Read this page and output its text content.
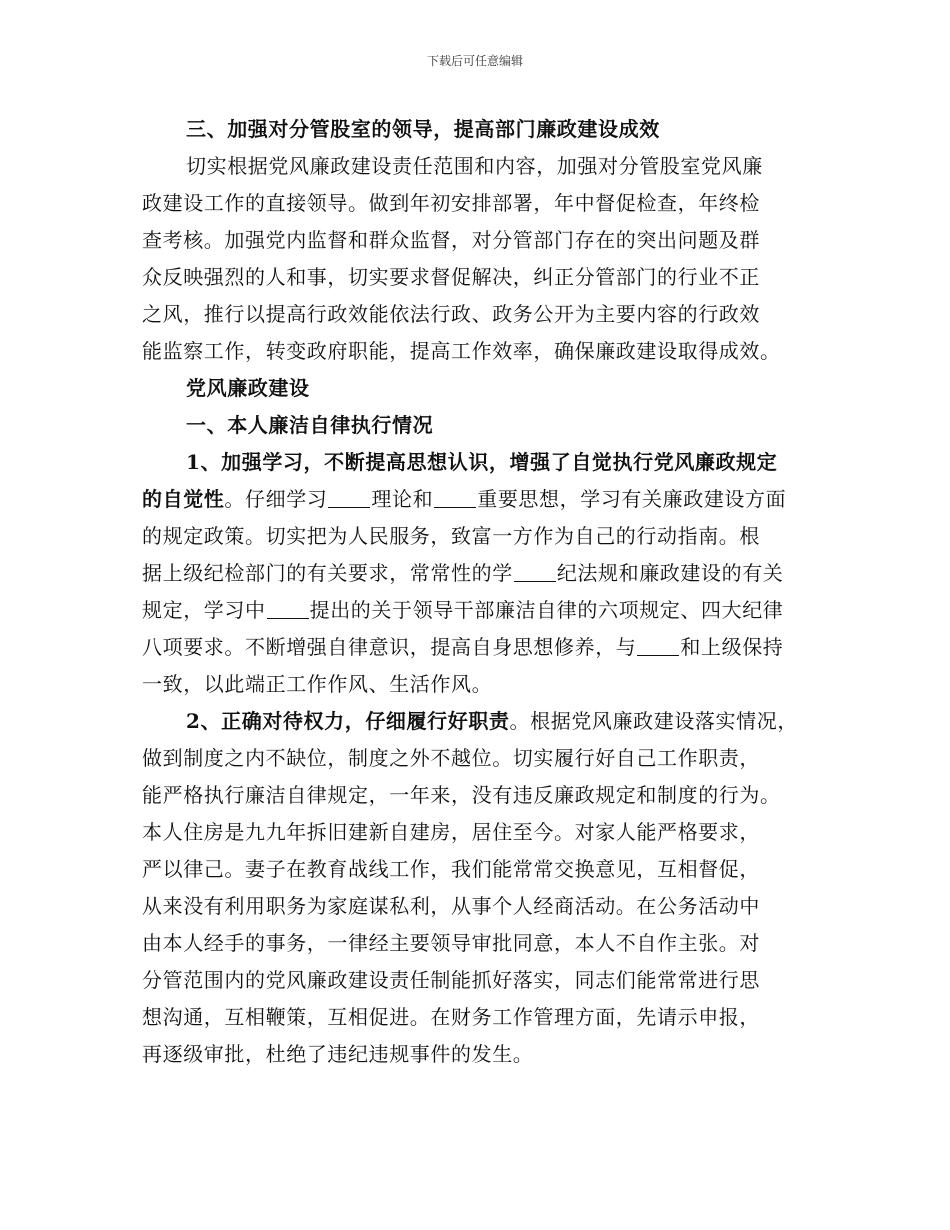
下载后可任意编辑
三、加强对分管股室的领导，提高部门廉政建设成效
切实根据党风廉政建设责任范围和内容，加强对分管股室党风廉
政建设工作的直接领导。做到年初安排部署，年中督促检查，年终检
查考核。加强党内监督和群众监督，对分管部门存在的突出问题及群
众反映强烈的人和事，切实要求督促解决，纠正分管部门的行业不正
之风，推行以提高行政效能依法行政、政务公开为主要内容的行政效
能监察工作，转变政府职能，提高工作效率，确保廉政建设取得成效。
党风廉政建设
一、本人廉洁自律执行情况
1、加强学习，不断提高思想认识，增强了自觉执行党风廉政规定
的自觉性。仔细学习 理论和 重要思想，学习有关廉政建设方面
的规定政策。切实把为人民服务，致富一方作为自己的行动指南。根
据上级纪检部门的有关要求，常常性的学 纪法规和廉政建设的有关
规定，学习中 提出的关于领导干部廉洁自律的六项规定、四大纪律
八项要求。不断增强自律意识，提高自身思想修养，与 和上级保持
一致，以此端正工作作风、生活作风。
2、正确对待权力，仔细履行好职责。根据党风廉政建设落实情况，
做到制度之内不缺位，制度之外不越位。切实履行好自己工作职责，
能严格执行廉洁自律规定，一年来，没有违反廉政规定和制度的行为。
本人住房是九九年拆旧建新自建房，居住至今。对家人能严格要求，
严以律己。妻子在教育战线工作，我们能常常交换意见，互相督促，
从来没有利用职务为家庭谋私利，从事个人经商活动。在公务活动中
由本人经手的事务，一律经主要领导审批同意，本人不自作主张。对
分管范围内的党风廉政建设责任制能抓好落实，同志们能常常进行思
想沟通，互相鞭策，互相促进。在财务工作管理方面，先请示申报，
再逐级审批，杜绝了违纪违规事件的发生。
